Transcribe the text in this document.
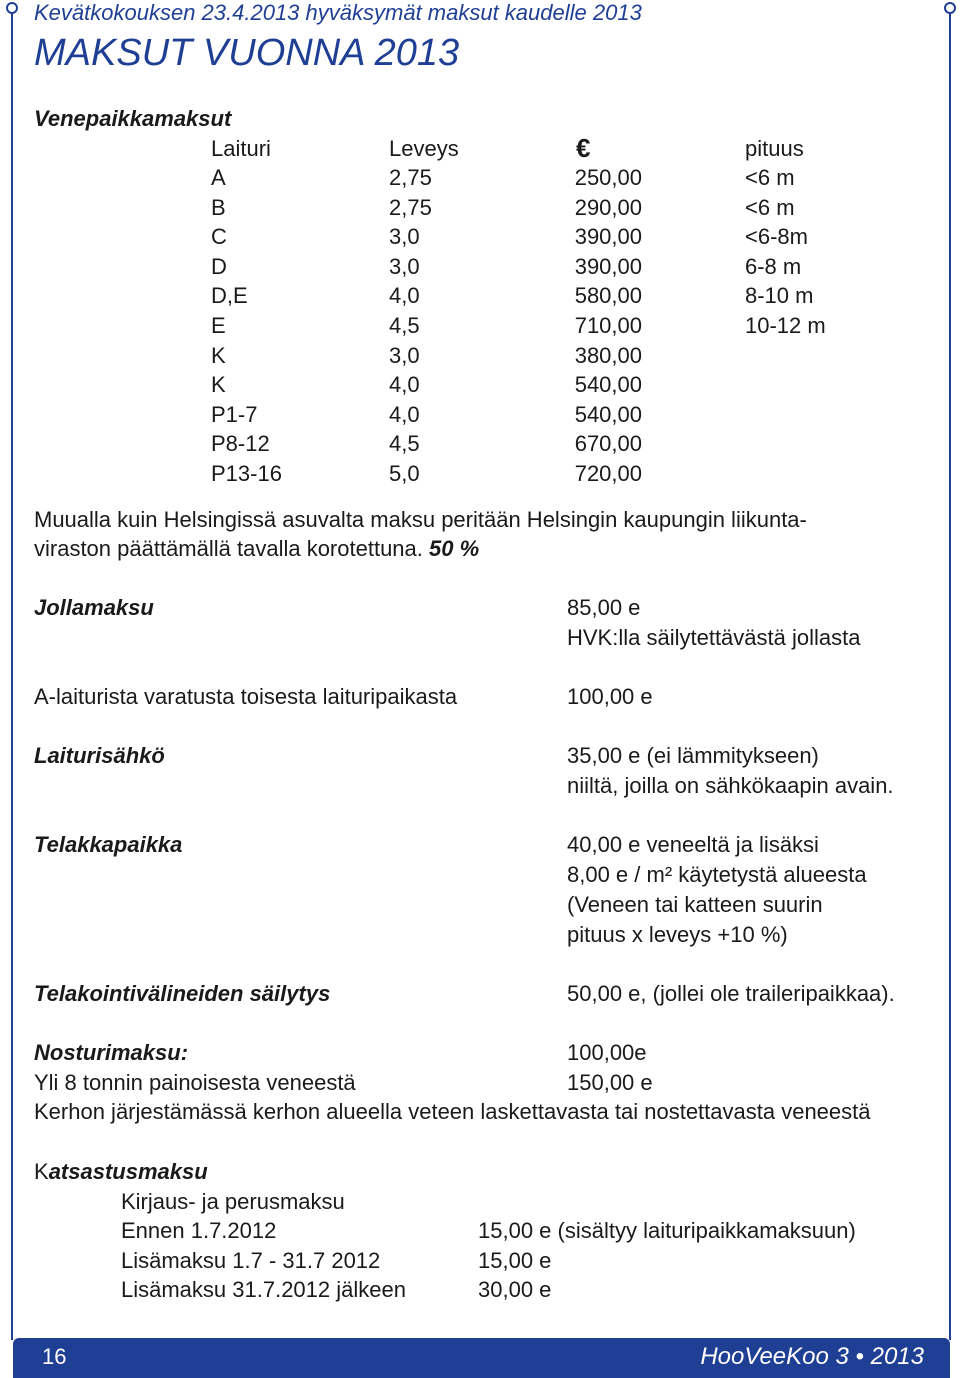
Kevätkokouksen 23.4.2013 hyväksymät maksut kaudelle 2013
MAKSUT VUONNA 2013
Venepaikkamaksut
Laituri	Leveys	€	pituus
A	2,75	250,00	<6 m
B	2,75	290,00	<6 m
C	3,0	390,00	<6-8m
D	3,0	390,00	6-8 m
D,E	4,0	580,00	8-10 m
E	4,5	710,00	10-12 m
K	3,0	380,00
K	4,0	540,00
P1-7	4,0	540,00
P8-12	4,5	670,00
P13-16	5,0	720,00
Muualla kuin Helsingissä asuvalta maksu peritään Helsingin kaupungin liikunta-
viraston päättämällä tavalla korotettuna. 50 %
Jollamaksu	85,00 e
HVK:lla säilytettävästä jollasta
A-laiturista varatusta toisesta laituripaikasta	100,00 e
Laiturisähkö	35,00 e (ei lämmitykseen)
niiltä, joilla on sähkökaapin avain.
Telakkapaikka	40,00 e veneeltä ja lisäksi
8,00 e / m² käytetystä alueesta
(Veneen tai katteen suurin
pituus x leveys +10 %)
Telakointivälineiden säilytys	50,00 e, (jollei ole traileripaikkaa).
Nosturimaksu:	100,00e
Yli 8 tonnin painoisesta veneestä	150,00 e
Kerhon järjestämässä kerhon alueella veteen laskettavasta tai nostettavasta veneestä
Katsastusmaksu
Kirjaus- ja perusmaksu
Ennen 1.7.2012	15,00 e (sisältyy laituripaikkamaksuun)
Lisämaksu 1.7 - 31.7 2012	15,00 e
Lisämaksu 31.7.2012 jälkeen	30,00 e
16	HooVeeKoo 3 • 2013
